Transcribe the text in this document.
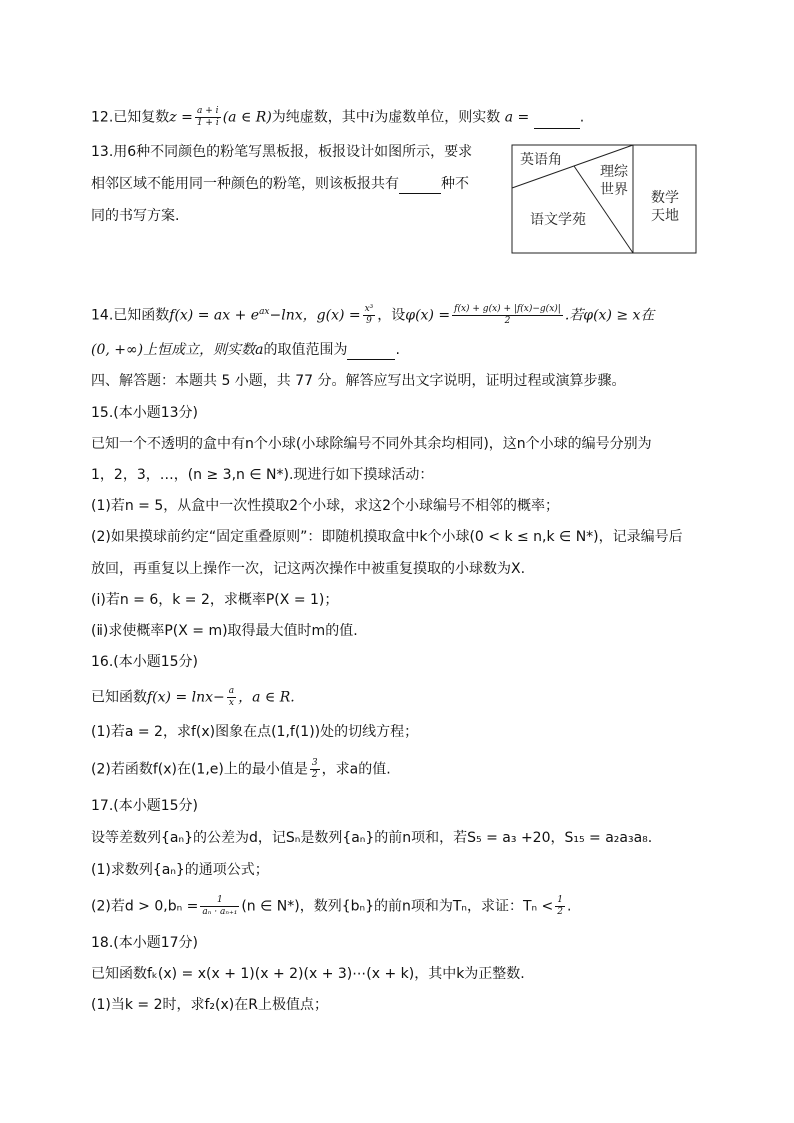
12.已知复数$z = \frac{a + i}{1 + i} (a$ ∈ R)为纯虚数，其中i为虚数单位，则实数 a =	.
13.用6种不同颜色的粉笔写黑板报，板报设计如图所示，要求
相邻区域不能用同一种颜色的粉笔，则该板报共有	种不
同的书写方案.
英语角
理综
世界
语文学苑
数学
天地
14.已知函数f(x) = ax + $e^{ax}-\ln x$，$g(x) = \frac{\text{x³}}{9}$ ，设$\varphi(x) = \frac{f(x) + g(x) + |f(x)-g(x)|}{2}$ .若φ(x) ≥ x在
(0, +∞)上恒成立，则实数a的取值范围为	.
四、解答题：本题共 5 小题，共 77 分。解答应写出文字说明，证明过程或演算步骤。
15.(本小题13分)
已知一个不透明的盒中有n个小球(小球除编号不同外其余均相同)，这n个小球的编号分别为
1，2，3，…，(n ≥ 3,n ∈ N*).现进行如下摸球活动：
(1)若n = 5，从盒中一次性摸取2个小球，求这2个小球编号不相邻的概率；
(2)如果摸球前约定“固定重叠原则”：即随机摸取盒中k个小球(0 < k ≤ n,k ∈ N*)，记录编号后
放回，再重复以上操作一次，记这两次操作中被重复摸取的小球数为X.
(ⅰ)若n = 6，k = 2，求概率P(X = 1)；
(ⅱ)求使概率P(X = m)取得最大值时m的值.
16.(本小题15分)
已知函数$f(x) = \ln x- \frac{a}{x}$ ，a ∈ R.
(1)若a = 2，求f(x)图象在点(1,f(1))处的切线方程；
(2)若函数f(x)在(1,e)上的最小值是 $\frac{3}{2}$ ，求a的值.
17.(本小题15分)
设等差数列{aₙ}的公差为d，记Sₙ是数列{aₙ}的前n项和，若S₅ = a₃ +20，S₁₅ = a₂a₃a₈.
(1)求数列{aₙ}的通项公式；
(2)若$d > 0,b_n = \frac{1}{\text{aₙ · aₙ₊₁}} (n$ ∈ N*)，数列{bₙ}的前n项和为Tₙ，求证：$T_n < \frac{1}{2}$ .
18.(本小题17分)
已知函数fₖ(x) = x(x + 1)(x + 2)(x + 3)⋯(x + k)，其中k为正整数.
(1)当k = 2时，求f₂(x)在R上极值点；
